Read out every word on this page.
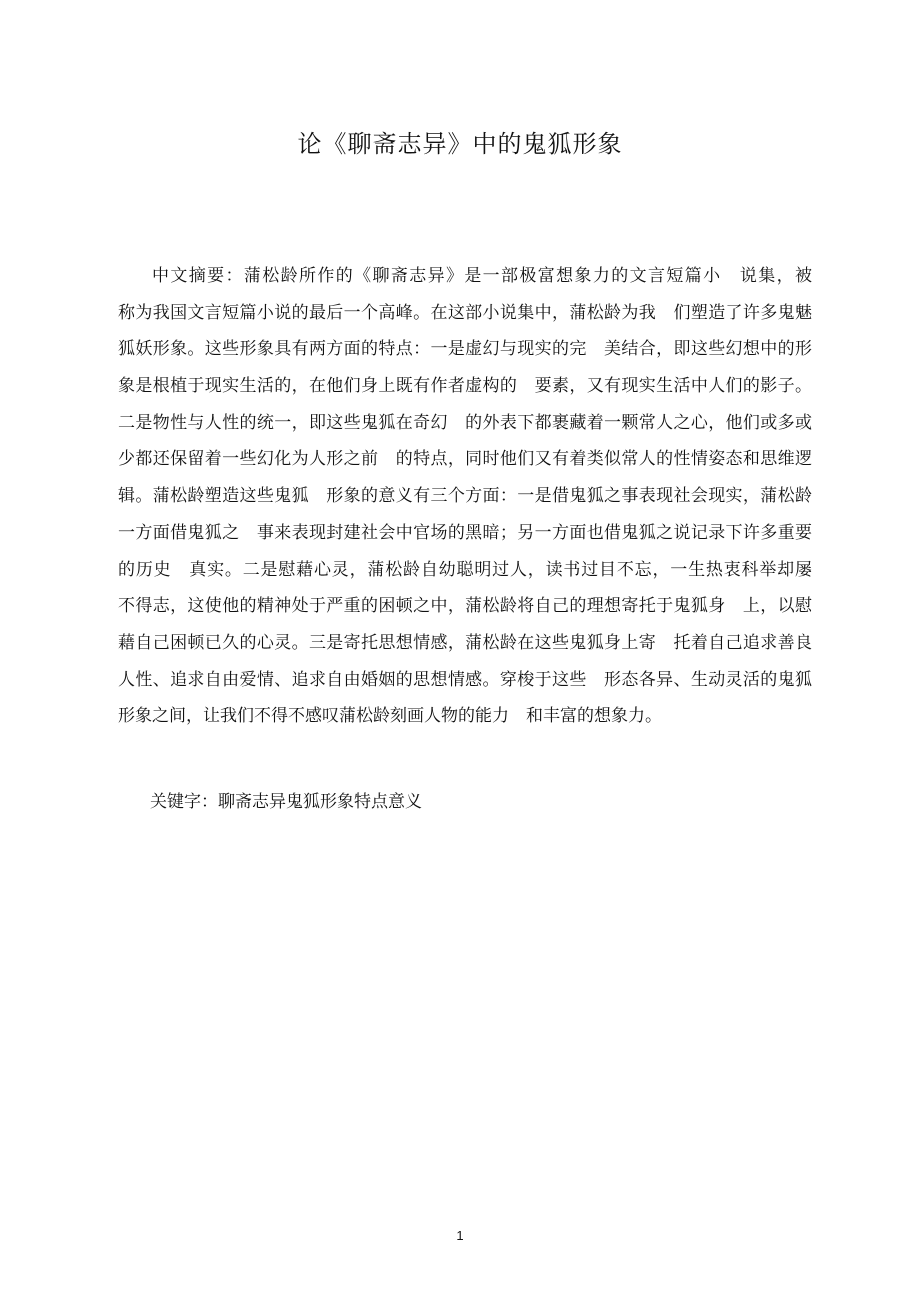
论《聊斋志异》中的鬼狐形象
中文摘要：蒲松龄所作的《聊斋志异》是一部极富想象力的文言短篇小　说集，被
称为我国文言短篇小说的最后一个高峰。在这部小说集中，蒲松龄为我　们塑造了许多鬼魅
狐妖形象。这些形象具有两方面的特点：一是虚幻与现实的完　美结合，即这些幻想中的形
象是根植于现实生活的，在他们身上既有作者虚构的　要素，又有现实生活中人们的影子。
二是物性与人性的统一，即这些鬼狐在奇幻　的外表下都裹藏着一颗常人之心，他们或多或
少都还保留着一些幻化为人形之前　的特点，同时他们又有着类似常人的性情姿态和思维逻
辑。蒲松龄塑造这些鬼狐　形象的意义有三个方面：一是借鬼狐之事表现社会现实，蒲松龄
一方面借鬼狐之　事来表现封建社会中官场的黑暗；另一方面也借鬼狐之说记录下许多重要
的历史　真实。二是慰藉心灵，蒲松龄自幼聪明过人，读书过目不忘，一生热衷科举却屡
不得志，这使他的精神处于严重的困顿之中，蒲松龄将自己的理想寄托于鬼狐身　上，以慰
藉自己困顿已久的心灵。三是寄托思想情感，蒲松龄在这些鬼狐身上寄　托着自己追求善良
人性、追求自由爱情、追求自由婚姻的思想情感。穿梭于这些　形态各异、生动灵活的鬼狐
形象之间，让我们不得不感叹蒲松龄刻画人物的能力　和丰富的想象力。
关键字：聊斋志异鬼狐形象特点意义
1
